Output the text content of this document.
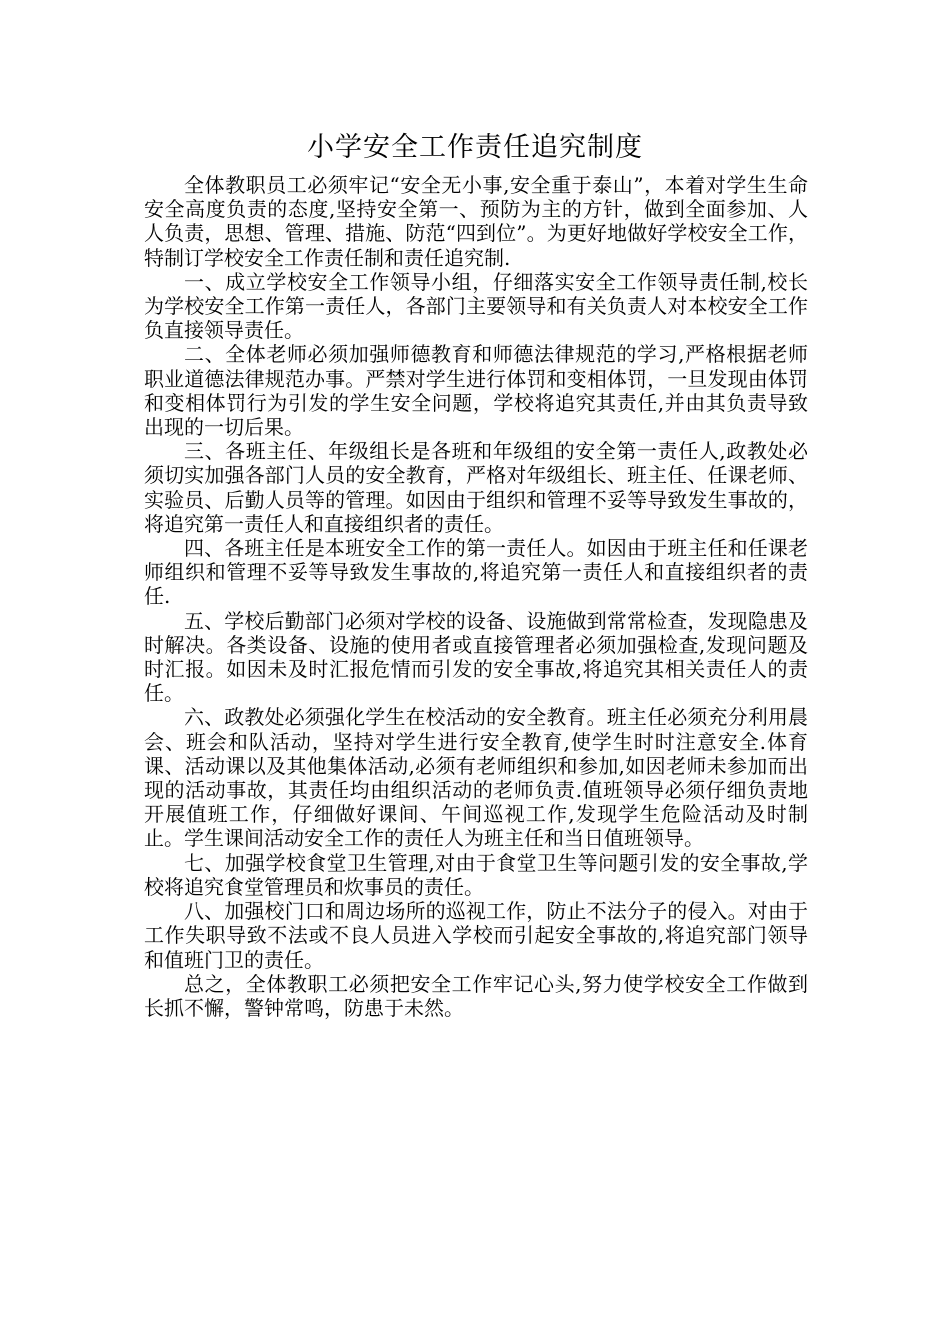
小学安全工作责任追究制度

全体教职员工必须牢记“安全无小事,安全重于泰山”，本着对学生生命安全高度负责的态度,坚持安全第一、预防为主的方针，做到全面参加、人人负责，思想、管理、措施、防范“四到位”。为更好地做好学校安全工作，特制订学校安全工作责任制和责任追究制.

一、成立学校安全工作领导小组，仔细落实安全工作领导责任制,校长为学校安全工作第一责任人，各部门主要领导和有关负责人对本校安全工作负直接领导责任。

二、全体老师必须加强师德教育和师德法律规范的学习,严格根据老师职业道德法律规范办事。严禁对学生进行体罚和变相体罚，一旦发现由体罚和变相体罚行为引发的学生安全问题，学校将追究其责任,并由其负责导致出现的一切后果。

三、各班主任、年级组长是各班和年级组的安全第一责任人,政教处必须切实加强各部门人员的安全教育，严格对年级组长、班主任、任课老师、实验员、后勤人员等的管理。如因由于组织和管理不妥等导致发生事故的，将追究第一责任人和直接组织者的责任。

四、各班主任是本班安全工作的第一责任人。如因由于班主任和任课老师组织和管理不妥等导致发生事故的,将追究第一责任人和直接组织者的责任.

五、学校后勤部门必须对学校的设备、设施做到常常检查，发现隐患及时解决。各类设备、设施的使用者或直接管理者必须加强检查,发现问题及时汇报。如因未及时汇报危情而引发的安全事故,将追究其相关责任人的责任。

六、政教处必须强化学生在校活动的安全教育。班主任必须充分利用晨会、班会和队活动，坚持对学生进行安全教育,使学生时时注意安全.体育课、活动课以及其他集体活动,必须有老师组织和参加,如因老师未参加而出现的活动事故，其责任均由组织活动的老师负责.值班领导必须仔细负责地开展值班工作，仔细做好课间、午间巡视工作,发现学生危险活动及时制止。学生课间活动安全工作的责任人为班主任和当日值班领导。

七、加强学校食堂卫生管理,对由于食堂卫生等问题引发的安全事故,学校将追究食堂管理员和炊事员的责任。

八、加强校门口和周边场所的巡视工作，防止不法分子的侵入。对由于工作失职导致不法或不良人员进入学校而引起安全事故的,将追究部门领导和值班门卫的责任。

总之，全体教职工必须把安全工作牢记心头,努力使学校安全工作做到长抓不懈，警钟常鸣，防患于未然。
